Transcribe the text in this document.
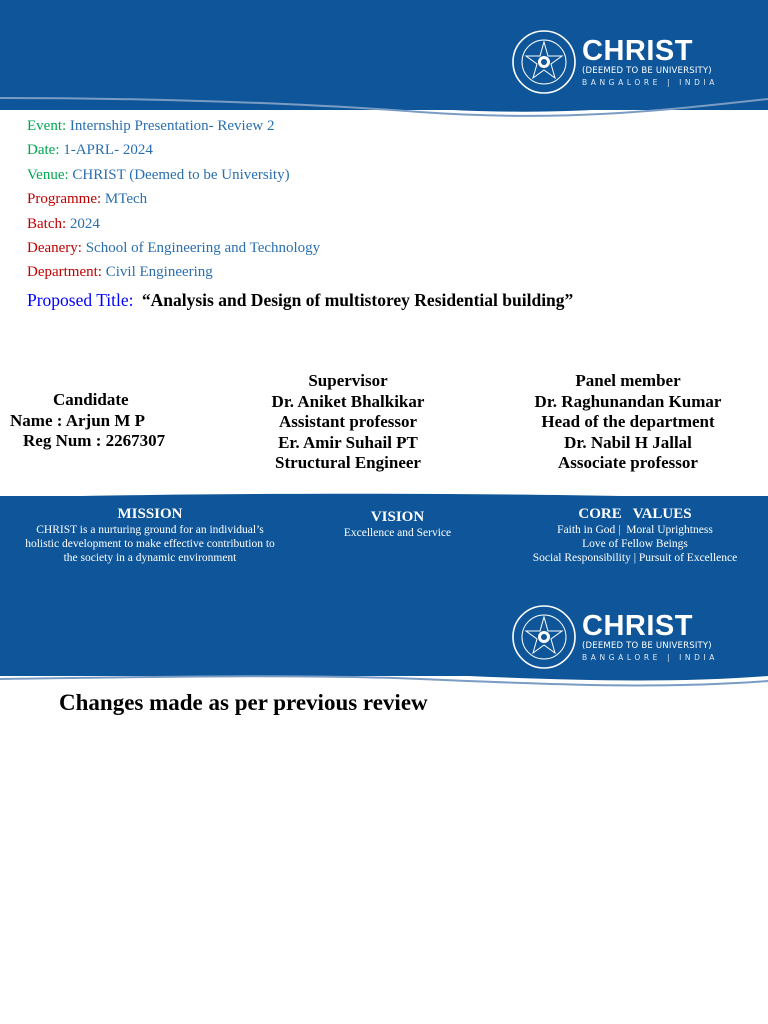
CHRIST
(DEEMED TO BE UNIVERSITY)
BANGALORE | INDIA
Event: Internship Presentation- Review 2
Date: 1-APRL- 2024
Venue: CHRIST (Deemed to be University)
Programme: MTech
Batch: 2024
Deanery: School of Engineering and Technology
Department: Civil Engineering
Proposed Title: “Analysis and Design of multistorey Residential building”
Candidate
Name : Arjun M P
Reg Num : 2267307
Supervisor
Dr. Aniket Bhalkikar
Assistant professor
Er. Amir Suhail PT
Structural Engineer
Panel member
Dr. Raghunandan Kumar
Head of the department
Dr. Nabil H Jallal
Associate professor
MISSION
CHRIST is a nurturing ground for an individual’s
holistic development to make effective contribution to
the society in a dynamic environment
VISION
Excellence and Service
CORE   VALUES
Faith in God |  Moral Uprightness
Love of Fellow Beings
Social Responsibility | Pursuit of Excellence
CHRIST
(DEEMED TO BE UNIVERSITY)
BANGALORE | INDIA
Changes made as per previous review
